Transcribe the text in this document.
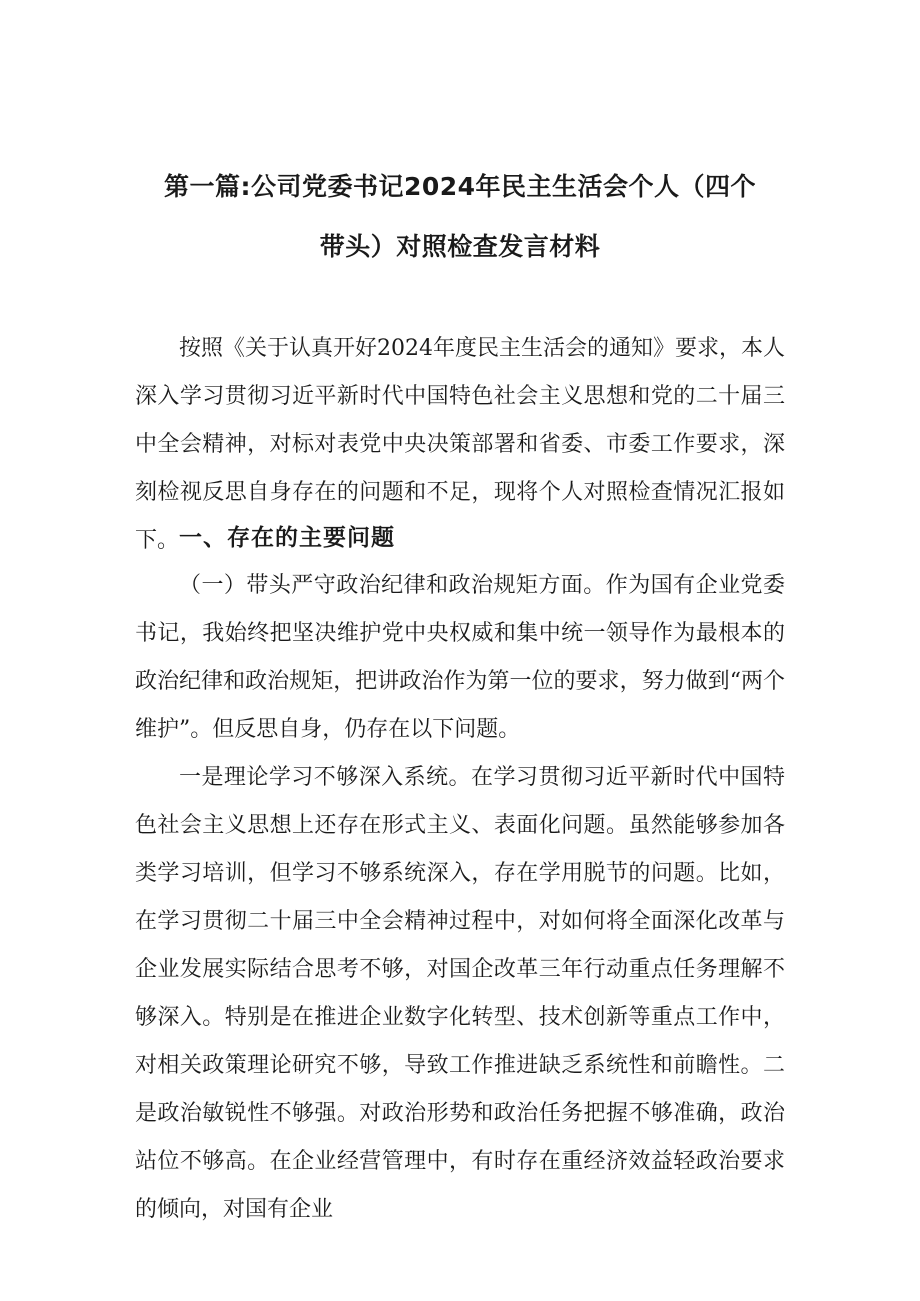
第一篇:公司党委书记2024年民主生活会个人（四个
带头）对照检查发言材料

按照《关于认真开好2024年度民主生活会的通知》要求，本人深入学习贯彻习近平新时代中国特色社会主义思想和党的二十届三中全会精神，对标对表党中央决策部署和省委、市委工作要求，深刻检视反思自身存在的问题和不足，现将个人对照检查情况汇报如下。 一、存在的主要问题

（一）带头严守政治纪律和政治规矩方面。作为国有企业党委书记，我始终把坚决维护党中央权威和集中统一领导作为最根本的政治纪律和政治规矩，把讲政治作为第一位的要求，努力做到“两个维护”。但反思自身，仍存在以下问题。

一是理论学习不够深入系统。在学习贯彻习近平新时代中国特色社会主义思想上还存在形式主义、表面化问题。虽然能够参加各类学习培训，但学习不够系统深入，存在学用脱节的问题。比如，在学习贯彻二十届三中全会精神过程中，对如何将全面深化改革与企业发展实际结合思考不够，对国企改革三年行动重点任务理解不够深入。特别是在推进企业数字化转型、技术创新等重点工作中，对相关政策理论研究不够，导致工作推进缺乏系统性和前瞻性。二是政治敏锐性不够强。对政治形势和政治任务把握不够准确，政治站位不够高。在企业经营管理中，有时存在重经济效益轻政治要求的倾向，对国有企业
